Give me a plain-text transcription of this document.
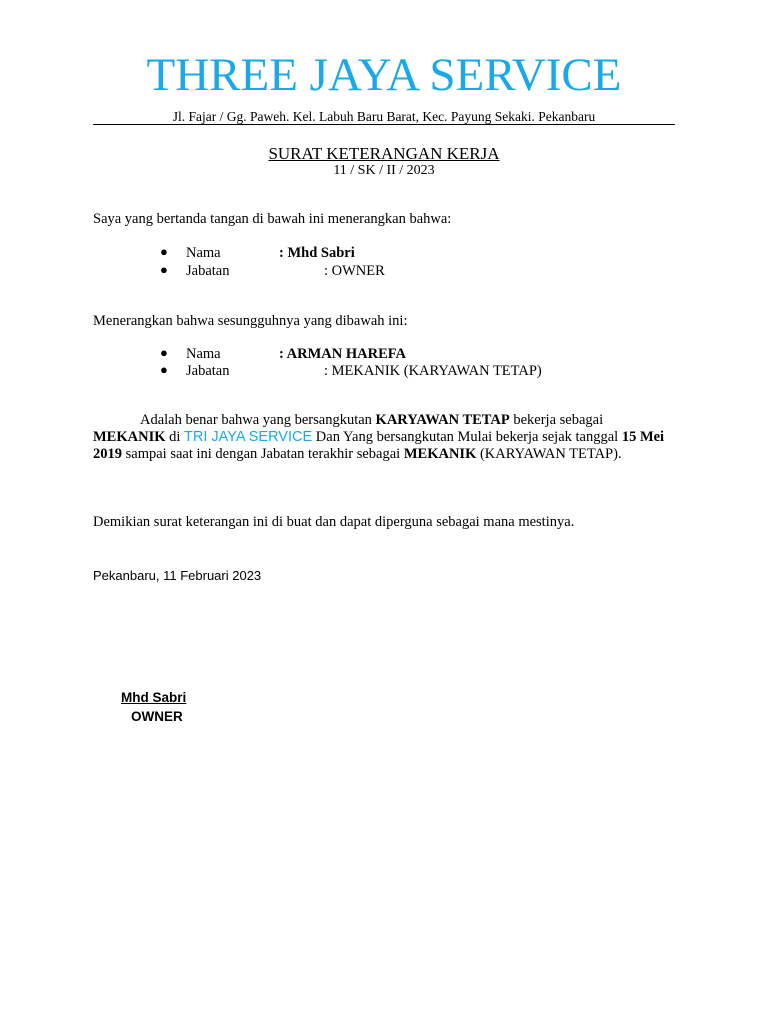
THREE JAYA SERVICE
Jl. Fajar / Gg. Paweh. Kel. Labuh Baru Barat, Kec. Payung Sekaki. Pekanbaru
SURAT KETERANGAN KERJA
11 / SK / II / 2023
Saya yang bertanda tangan di bawah ini menerangkan bahwa:
● Nama	: Mhd Sabri
● Jabatan	: OWNER
Menerangkan bahwa sesungguhnya yang dibawah ini:
● Nama	: ARMAN HAREFA
● Jabatan	: MEKANIK (KARYAWAN TETAP)
Adalah benar bahwa yang bersangkutan KARYAWAN TETAP bekerja sebagai MEKANIK di TRI JAYA SERVICE Dan Yang bersangkutan Mulai bekerja sejak tanggal 15 Mei 2019 sampai saat ini dengan Jabatan terakhir sebagai MEKANIK (KARYAWAN TETAP).
Demikian surat keterangan ini di buat dan dapat diperguna sebagai mana mestinya.
Pekanbaru, 11 Februari 2023
Mhd Sabri
OWNER
